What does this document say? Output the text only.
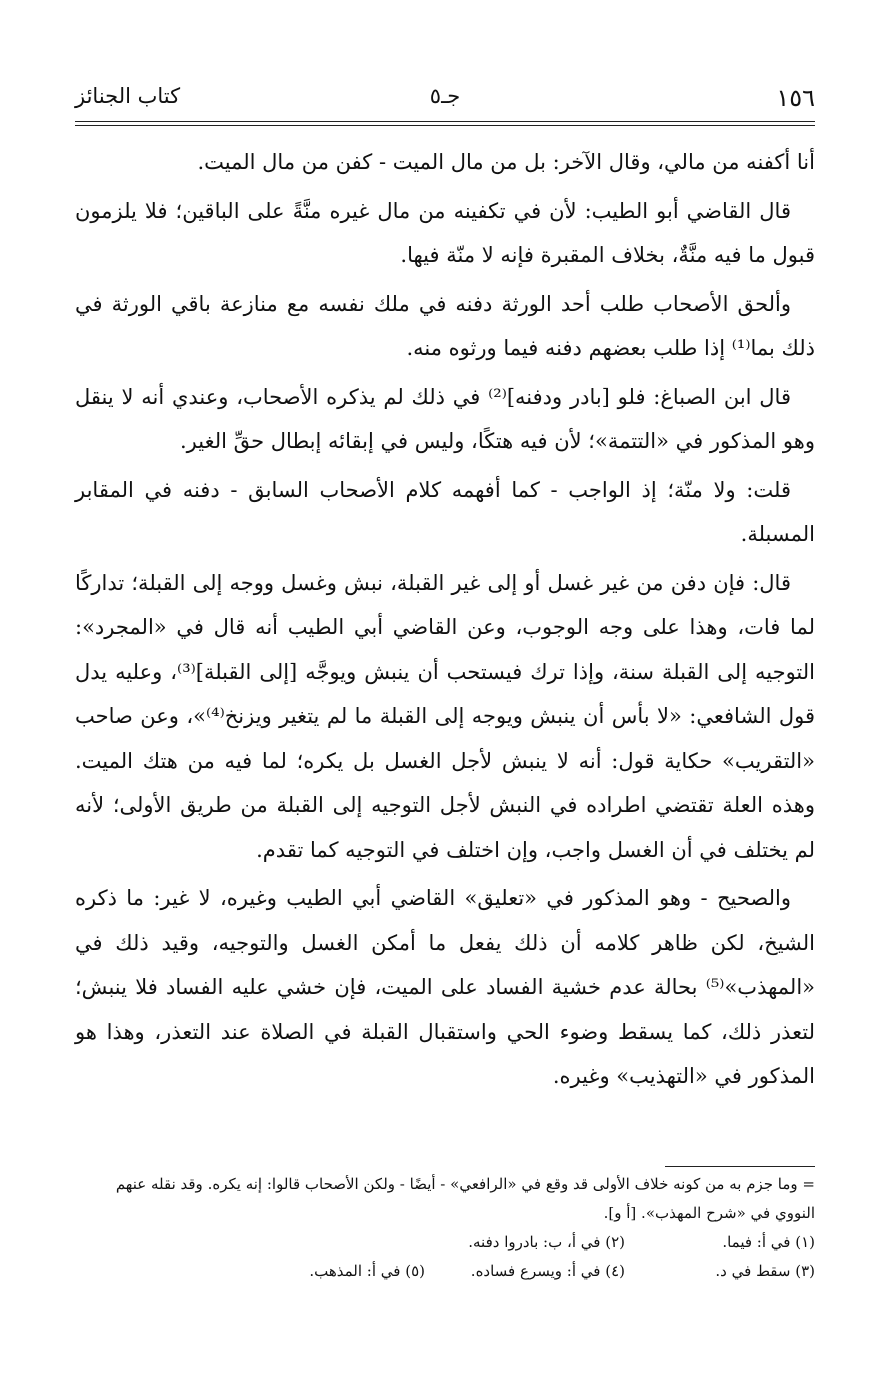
١٥٦
جـ٥
كتاب الجنائز

أنا أكفنه من مالي، وقال الآخر: بل من مال الميت - كفن من مال الميت.

قال القاضي أبو الطيب: لأن في تكفينه من مال غيره منَّةً على الباقين؛ فلا يلزمون قبول ما فيه منَّةٌ، بخلاف المقبرة فإنه لا منّة فيها.

وألحق الأصحاب طلب أحد الورثة دفنه في ملك نفسه مع منازعة باقي الورثة في ذلك بما⁽¹⁾ إذا طلب بعضهم دفنه فيما ورثوه منه.

قال ابن الصباغ: فلو [بادر ودفنه]⁽²⁾ في ذلك لم يذكره الأصحاب، وعندي أنه لا ينقل وهو المذكور في «التتمة»؛ لأن فيه هتكًا، وليس في إبقائه إبطال حقِّ الغير.

قلت: ولا منّة؛ إذ الواجب - كما أفهمه كلام الأصحاب السابق - دفنه في المقابر المسبلة.

قال: فإن دفن من غير غسل أو إلى غير القبلة، نبش وغسل ووجه إلى القبلة؛ تداركًا لما فات، وهذا على وجه الوجوب، وعن القاضي أبي الطيب أنه قال في «المجرد»: التوجيه إلى القبلة سنة، وإذا ترك فيستحب أن ينبش ويوجَّه [إلى القبلة]⁽³⁾، وعليه يدل قول الشافعي: «لا بأس أن ينبش ويوجه إلى القبلة ما لم يتغير ويزنخ⁽⁴⁾»، وعن صاحب «التقريب» حكاية قول: أنه لا ينبش لأجل الغسل بل يكره؛ لما فيه من هتك الميت. وهذه العلة تقتضي اطراده في النبش لأجل التوجيه إلى القبلة من طريق الأولى؛ لأنه لم يختلف في أن الغسل واجب، وإن اختلف في التوجيه كما تقدم.

والصحيح - وهو المذكور في «تعليق» القاضي أبي الطيب وغيره، لا غير: ما ذكره الشيخ، لكن ظاهر كلامه أن ذلك يفعل ما أمكن الغسل والتوجيه، وقيد ذلك في «المهذب»⁽⁵⁾ بحالة عدم خشية الفساد على الميت، فإن خشي عليه الفساد فلا ينبش؛ لتعذر ذلك، كما يسقط وضوء الحي واستقبال القبلة في الصلاة عند التعذر، وهذا هو المذكور في «التهذيب» وغيره.

= وما جزم به من كونه خلاف الأولى قد وقع في «الرافعي» - أيضًا - ولكن الأصحاب قالوا: إنه يكره. وقد نقله عنهم النووي في «شرح المهذب». [أ و].

(١) في أ: فيما.
(٢) في أ، ب: بادروا دفنه.
(٣) سقط في د.
(٤) في أ: ويسرع فساده.
(٥) في أ: المذهب.
